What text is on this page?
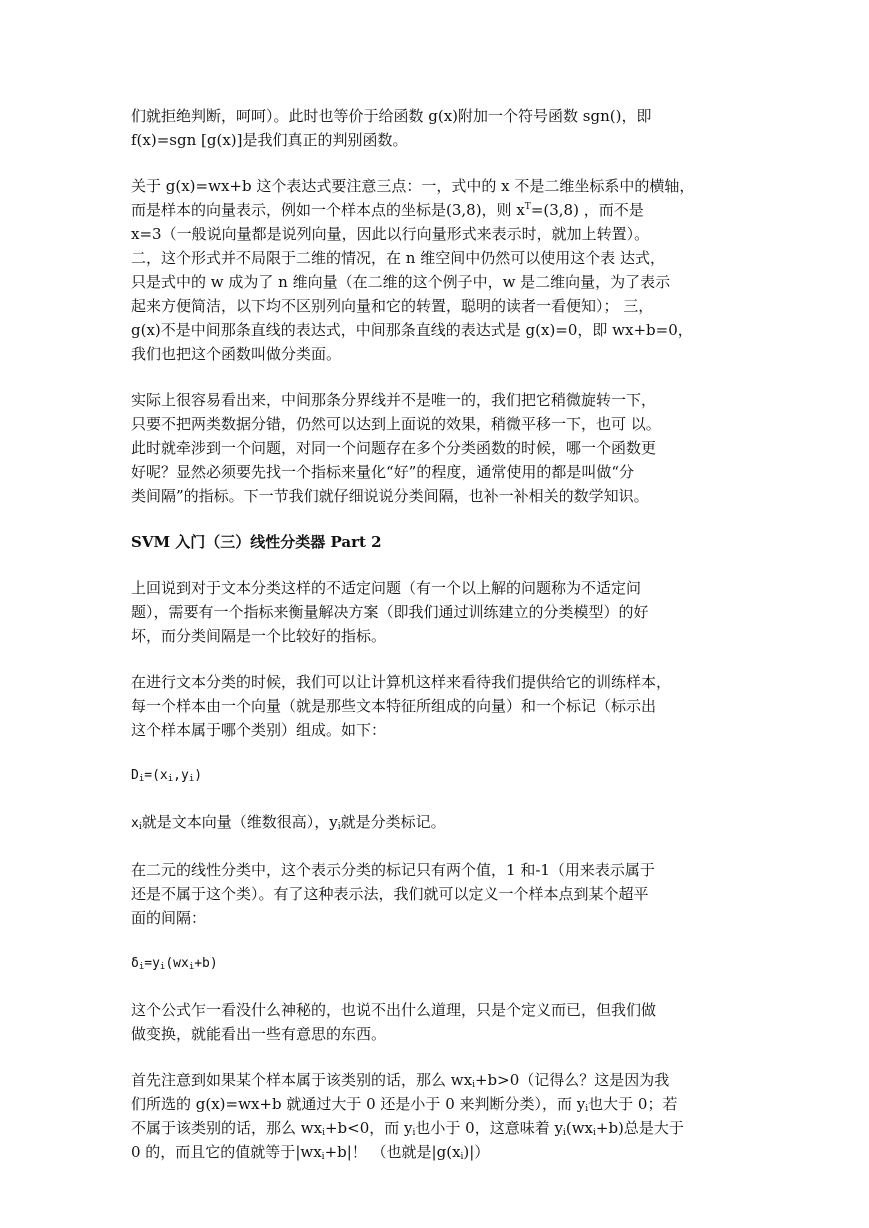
们就拒绝判断，呵呵）。此时也等价于给函数 g(x)附加一个符号函数 sgn()，即

f(x)=sgn [g(x)]是我们真正的判别函数。

关于 g(x)=wx+b 这个表达式要注意三点：一，式中的 x 不是二维坐标系中的横轴，

而是样本的向量表示，例如一个样本点的坐标是(3,8)，则 $x^T=(3,8)$ ，而不是

x=3（一般说向量都是说列向量，因此以行向量形式来表示时，就加上转置）。

二，这个形式并不局限于二维的情况，在 n 维空间中仍然可以使用这个表 达式，

只是式中的 w 成为了 n 维向量（在二维的这个例子中，w 是二维向量，为了表示

起来方便简洁，以下均不区别列向量和它的转置，聪明的读者一看便知）； 三，

g(x)不是中间那条直线的表达式，中间那条直线的表达式是 g(x)=0，即 wx+b=0，

我们也把这个函数叫做分类面。

实际上很容易看出来，中间那条分界线并不是唯一的，我们把它稍微旋转一下，

只要不把两类数据分错，仍然可以达到上面说的效果，稍微平移一下，也可 以。

此时就牵涉到一个问题，对同一个问题存在多个分类函数的时候，哪一个函数更

好呢？显然必须要先找一个指标来量化“好”的程度，通常使用的都是叫做“分

类间隔”的指标。下一节我们就仔细说说分类间隔，也补一补相关的数学知识。

SVM 入门（三）线性分类器 Part 2

上回说到对于文本分类这样的不适定问题（有一个以上解的问题称为不适定问

题），需要有一个指标来衡量解决方案（即我们通过训练建立的分类模型）的好

坏，而分类间隔是一个比较好的指标。

在进行文本分类的时候，我们可以让计算机这样来看待我们提供给它的训练样本，

每一个样本由一个向量（就是那些文本特征所组成的向量）和一个标记（标示出

这个样本属于哪个类别）组成。如下：

$D_i=(x_i,y_i)$

$x_i$就是文本向量（维数很高），$y_i$就是分类标记。

在二元的线性分类中，这个表示分类的标记只有两个值，1 和-1（用来表示属于

还是不属于这个类）。有了这种表示法，我们就可以定义一个样本点到某个超平

面的间隔：

$\delta_i=y_i(wx_i+b)$

这个公式乍一看没什么神秘的，也说不出什么道理，只是个定义而已，但我们做

做变换，就能看出一些有意思的东西。

首先注意到如果某个样本属于该类别的话，那么 $wx_i+b>0$（记得么？这是因为我

们所选的 g(x)=wx+b 就通过大于 0 还是小于 0 来判断分类），而 $y_i$也大于 0；若

不属于该类别的话，那么 $wx_i+b<0$，而 $y_i$也小于 0，这意味着 $y_i(wx_i+b)$总是大于

0 的，而且它的值就等于$|wx_i+b|$！ （也就是$|g(x_i)|$）
